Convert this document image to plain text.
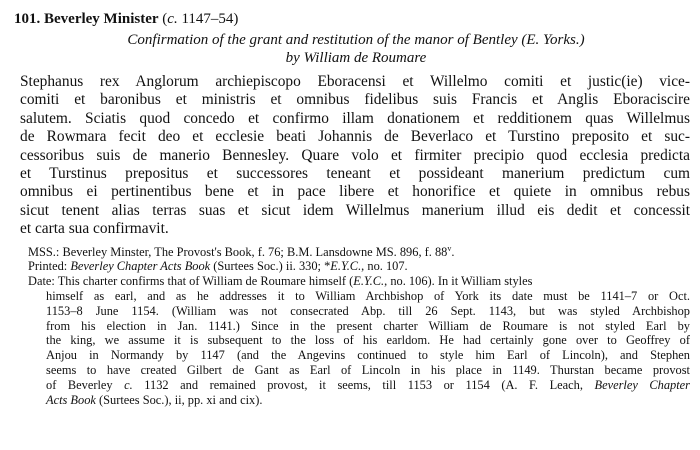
101. Beverley Minister (c. 1147–54)
Confirmation of the grant and restitution of the manor of Bentley (E. Yorks.)
by William de Roumare
Stephanus rex Anglorum archiepiscopo Eboracensi et Willelmo comiti et justic(ie) vice-
comiti et baronibus et ministris et omnibus fidelibus suis Francis et Anglis Eboraciscire
salutem. Sciatis quod concedo et confirmo illam donationem et redditionem quas Willelmus
de Rowmara fecit deo et ecclesie beati Johannis de Beverlaco et Turstino preposito et suc-
cessoribus suis de manerio Bennesley. Quare volo et firmiter precipio quod ecclesia predicta
et Turstinus prepositus et successores teneant et possideant manerium predictum cum
omnibus ei pertinentibus bene et in pace libere et honorifice et quiete in omnibus rebus
sicut tenent alias terras suas et sicut idem Willelmus manerium illud eis dedit et concessit
et carta sua confirmavit.
MSS.: Beverley Minster, The Provost's Book, f. 76; B.M. Lansdowne MS. 896, f. 88$^v$.
Printed: Beverley Chapter Acts Book (Surtees Soc.) ii. 330; *E.Y.C., no. 107.
Date: This charter confirms that of William de Roumare himself (E.Y.C., no. 106). In it William styles
himself as earl, and as he addresses it to William Archbishop of York its date must be 1141–7 or Oct.
1153–8 June 1154. (William was not consecrated Abp. till 26 Sept. 1143, but was styled Archbishop
from his election in Jan. 1141.) Since in the present charter William de Roumare is not styled Earl by
the king, we assume it is subsequent to the loss of his earldom. He had certainly gone over to Geoffrey of
Anjou in Normandy by 1147 (and the Angevins continued to style him Earl of Lincoln), and Stephen
seems to have created Gilbert de Gant as Earl of Lincoln in his place in 1149. Thurstan became provost
of Beverley c. 1132 and remained provost, it seems, till 1153 or 1154 (A. F. Leach, Beverley Chapter
Acts Book (Surtees Soc.), ii, pp. xi and cix).
